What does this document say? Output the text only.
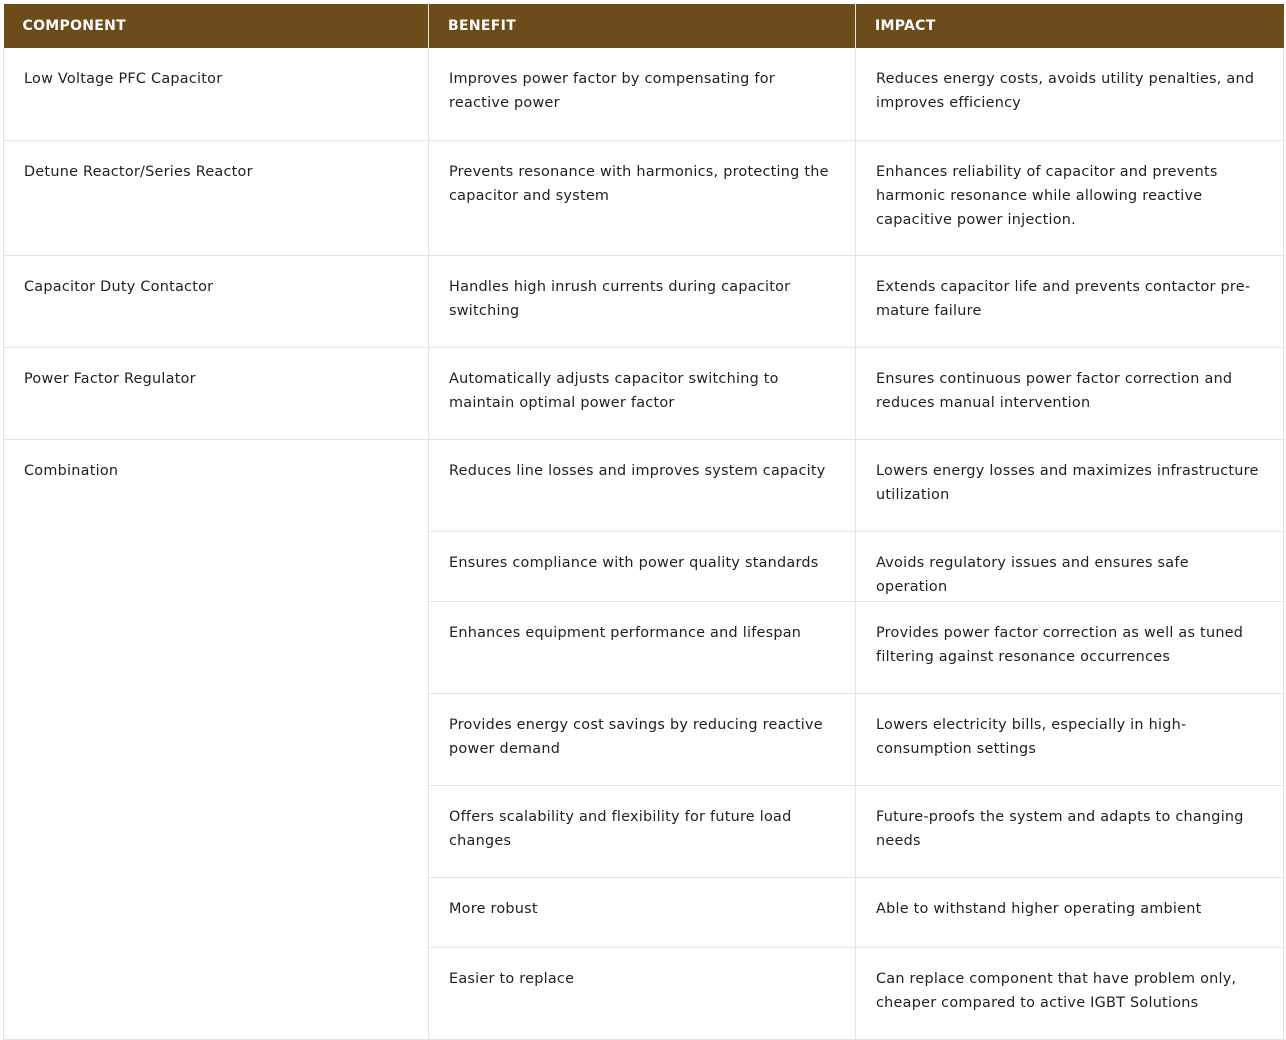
COMPONENT	BENEFIT	IMPACT
Low Voltage PFC Capacitor	Improves power factor by compensating for reactive power	Reduces energy costs, avoids utility penalties, and improves efficiency
Detune Reactor/Series Reactor	Prevents resonance with harmonics, protecting the capacitor and system	Enhances reliability of capacitor and prevents harmonic resonance while allowing reactive capacitive power injection.
Capacitor Duty Contactor	Handles high inrush currents during capacitor switching	Extends capacitor life and prevents contactor pre-mature failure
Power Factor Regulator	Automatically adjusts capacitor switching to maintain optimal power factor	Ensures continuous power factor correction and reduces manual intervention
Combination	Reduces line losses and improves system capacity	Lowers energy losses and maximizes infrastructure utilization
	Ensures compliance with power quality standards	Avoids regulatory issues and ensures safe operation
	Enhances equipment performance and lifespan	Provides power factor correction as well as tuned filtering against resonance occurrences
	Provides energy cost savings by reducing reactive power demand	Lowers electricity bills, especially in high-consumption settings
	Offers scalability and flexibility for future load changes	Future-proofs the system and adapts to changing needs
	More robust	Able to withstand higher operating ambient
	Easier to replace	Can replace component that have problem only, cheaper compared to active IGBT Solutions
